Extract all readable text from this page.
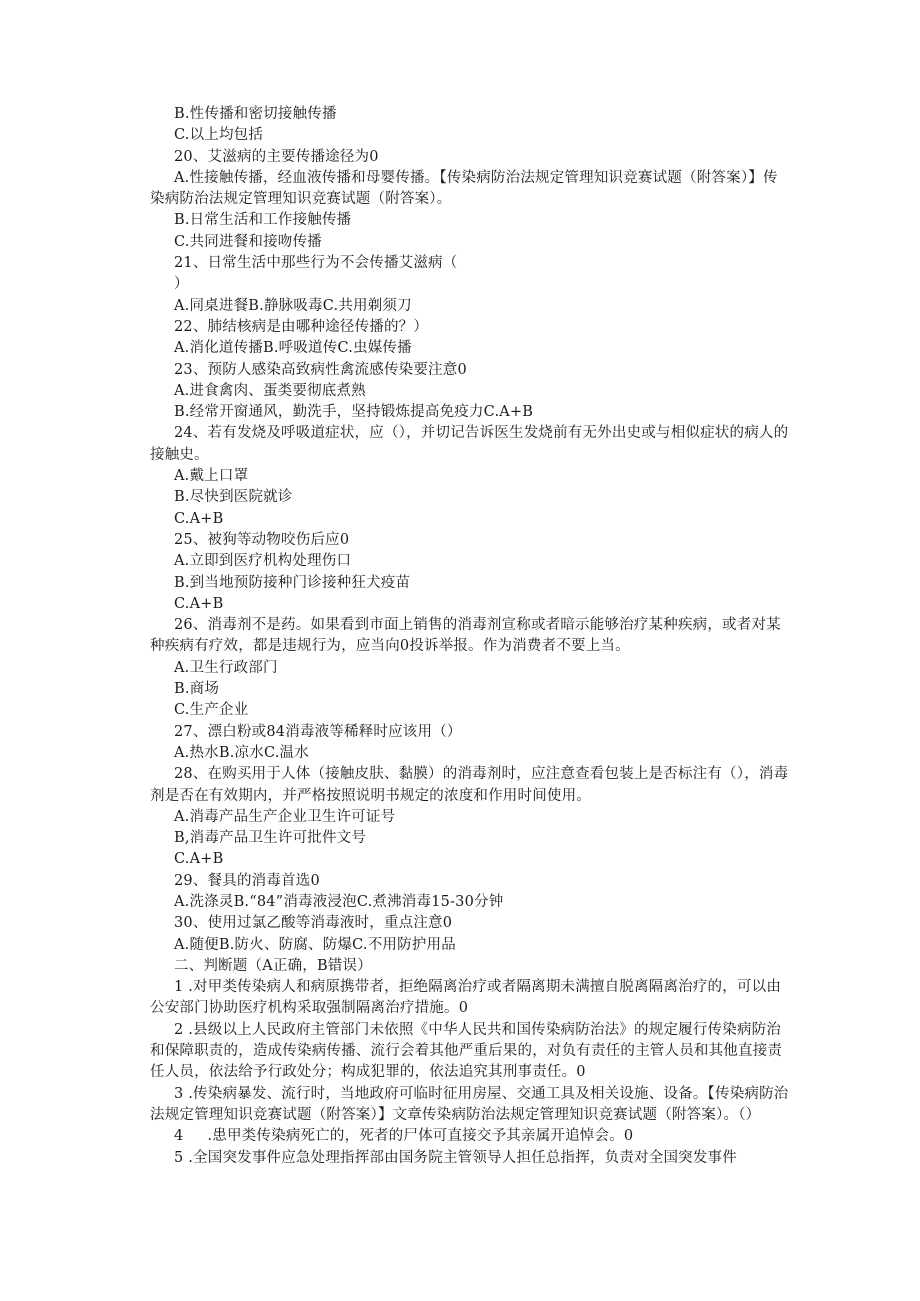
B.性传播和密切接触传播
C.以上均包括
20、艾滋病的主要传播途径为0
A.性接触传播，经血液传播和母婴传播。【传染病防治法规定管理知识竞赛试题（附答案）】传染病防治法规定管理知识竞赛试题（附答案）。
B.日常生活和工作接触传播
C.共同进餐和接吻传播
21、日常生活中那些行为不会传播艾滋病（
）
A.同桌进餐B.静脉吸毒C.共用剃须刀
22、肺结核病是由哪种途径传播的？）
A.消化道传播B.呼吸道传C.虫媒传播
23、预防人感染高致病性禽流感传染要注意0
A.进食禽肉、蛋类要彻底煮熟
B.经常开窗通风，勤洗手，坚持锻炼提高免疫力C.A+B
24、若有发烧及呼吸道症状，应（），并切记告诉医生发烧前有无外出史或与相似症状的病人的接触史。
A.戴上口罩
B.尽快到医院就诊
C.A+B
25、被狗等动物咬伤后应0
A.立即到医疗机构处理伤口
B.到当地预防接种门诊接种狂犬疫苗
C.A+B
26、消毒剂不是药。如果看到市面上销售的消毒剂宣称或者暗示能够治疗某种疾病，或者对某种疾病有疗效，都是违规行为，应当向0投诉举报。作为消费者不要上当。
A.卫生行政部门
B.商场
C.生产企业
27、漂白粉或84消毒液等稀释时应该用（）
A.热水B.凉水C.温水
28、在购买用于人体（接触皮肤、黏膜）的消毒剂时，应注意查看包装上是否标注有（），消毒剂是否在有效期内，并严格按照说明书规定的浓度和作用时间使用。
A.消毒产品生产企业卫生许可证号
B,消毒产品卫生许可批件文号
C.A+B
29、餐具的消毒首选0
A.洗涤灵B.“84”消毒液浸泡C.煮沸消毒15-30分钟
30、使用过氯乙酸等消毒液时，重点注意0
A.随便B.防火、防腐、防爆C.不用防护用品
二、判断题（A正确，B错误）
1 .对甲类传染病人和病原携带者，拒绝隔离治疗或者隔离期未满擅自脱离隔离治疗的，可以由公安部门协助医疗机构采取强制隔离治疗措施。0
2 .县级以上人民政府主管部门未依照《中华人民共和国传染病防治法》的规定履行传染病防治和保障职责的，造成传染病传播、流行会着其他严重后果的，对负有责任的主管人员和其他直接责任人员，依法给予行政处分；构成犯罪的，依法追究其刑事责任。0
3 .传染病暴发、流行时，当地政府可临时征用房屋、交通工具及相关设施、设备。【传染病防治法规定管理知识竞赛试题（附答案）】文章传染病防治法规定管理知识竞赛试题（附答案）。（）
4     .患甲类传染病死亡的，死者的尸体可直接交予其亲属开追悼会。0
5 .全国突发事件应急处理指挥部由国务院主管领导人担任总指挥，负责对全国突发事件
